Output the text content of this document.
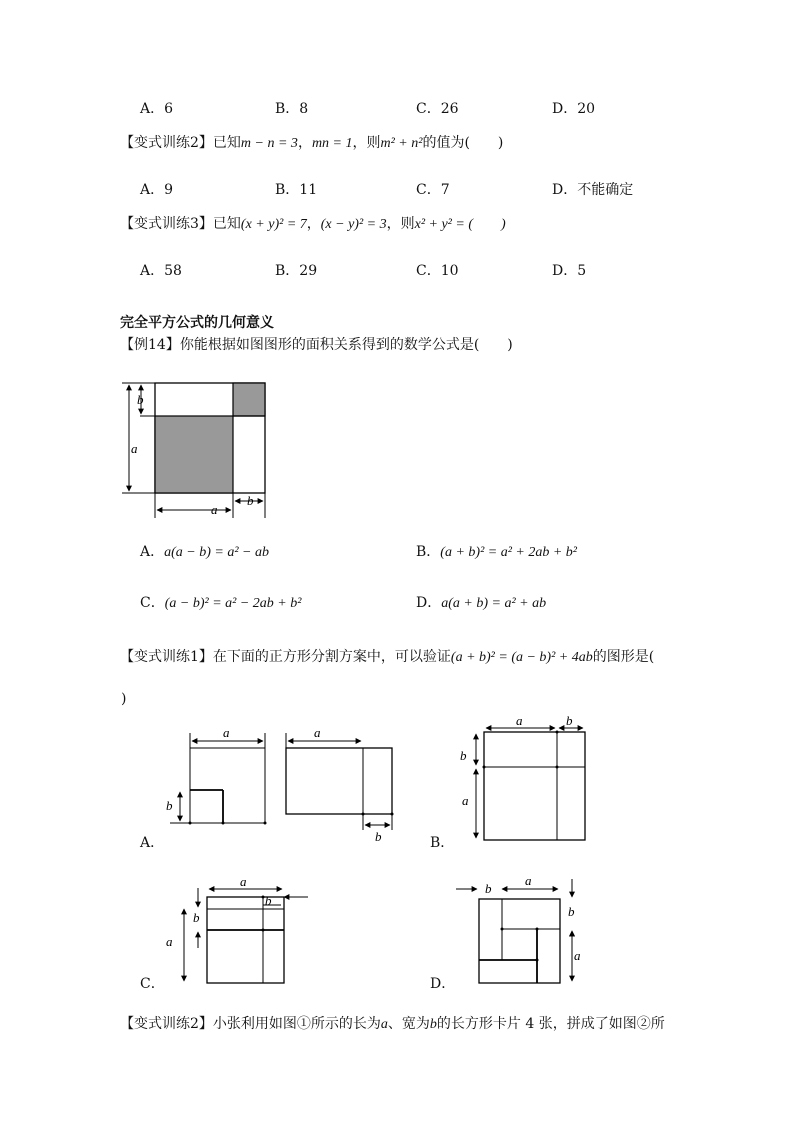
A．6	B．8	C．26	D．20
【变式训练2】已知m − n = 3，mn = 1，则m² + n²的值为(　　)
A．9	B．11	C．7	D．不能确定
【变式训练3】已知(x + y)² = 7，(x − y)² = 3，则x² + y² = (　　)
A．58	B．29	C．10	D．5
完全平方公式的几何意义
【例14】你能根据如图图形的面积关系得到的数学公式是(　　)
a
b
a
b
A．a(a − b) = a² − ab	B．(a + b)² = a² + 2ab + b²
C．(a − b)² = a² − 2ab + b²	D．a(a + b) = a² + ab
【变式训练1】在下面的正方形分割方案中，可以验证(a + b)² = (a − b)² + 4ab的图形是(
)
a
b
a
b
A．
a	b
b
a
B．
a
b
b
a
C．
b
a
b
a
D．
【变式训练2】小张利用如图①所示的长为a、宽为b的长方形卡片 4 张，拼成了如图②所
